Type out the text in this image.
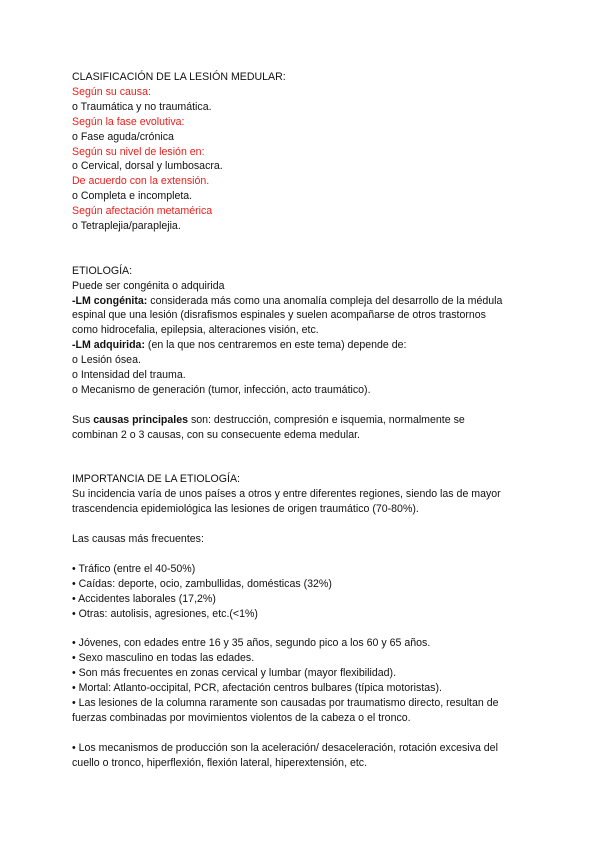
CLASIFICACIÓN DE LA LESIÓN MEDULAR:
Según su causa:
o Traumática y no traumática.
Según la fase evolutiva:
o Fase aguda/crónica
Según su nivel de lesión en:
o Cervical, dorsal y lumbosacra.
De acuerdo con la extensión.
o Completa e incompleta.
Según afectación metamérica
o Tetraplejia/paraplejia.
ETIOLOGÍA:
Puede ser congénita o adquirida
-LM congénita: considerada más como una anomalía compleja del desarrollo de la médula
espinal que una lesión (disrafismos espinales y suelen acompañarse de otros trastornos
como hidrocefalia, epilepsia, alteraciones visión, etc.
-LM adquirida: (en la que nos centraremos en este tema) depende de:
o Lesión ósea.
o Intensidad del trauma.
o Mecanismo de generación (tumor, infección, acto traumático).
Sus causas principales son: destrucción, compresión e isquemia, normalmente se
combinan 2 o 3 causas, con su consecuente edema medular.
IMPORTANCIA DE LA ETIOLOGÍA:
Su incidencia varía de unos países a otros y entre diferentes regiones, siendo las de mayor
trascendencia epidemiológica las lesiones de origen traumático (70-80%).
Las causas más frecuentes:
• Tráfico (entre el 40-50%)
• Caídas: deporte, ocio, zambullidas, domésticas (32%)
• Accidentes laborales (17,2%)
• Otras: autolisis, agresiones, etc.(<1%)
• Jóvenes, con edades entre 16 y 35 años, segundo pico a los 60 y 65 años.
• Sexo masculino en todas las edades.
• Son más frecuentes en zonas cervical y lumbar (mayor flexibilidad).
• Mortal: Atlanto-occipital, PCR, afectación centros bulbares (típica motoristas).
• Las lesiones de la columna raramente son causadas por traumatismo directo, resultan de
fuerzas combinadas por movimientos violentos de la cabeza o el tronco.
• Los mecanismos de producción son la aceleración/ desaceleración, rotación excesiva del
cuello o tronco, hiperflexión, flexión lateral, hiperextensión, etc.
